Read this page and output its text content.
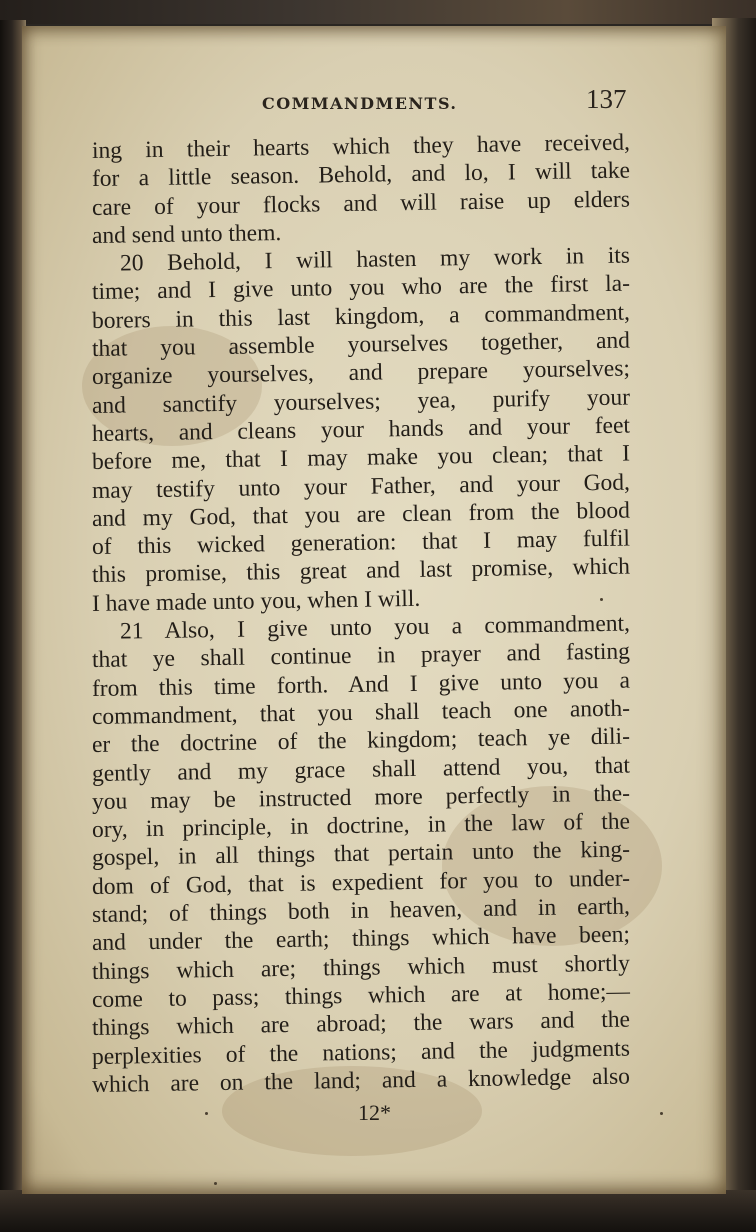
COMMANDMENTS.	137
ing in their hearts which they have received,
for a little season. Behold, and lo, I will take
care of your flocks and will raise up elders
and send unto them.
20 Behold, I will hasten my work in its
time; and I give unto you who are the first la-
borers in this last kingdom, a commandment,
that you assemble yourselves together, and
organize yourselves, and prepare yourselves;
and sanctify yourselves; yea, purify your
hearts, and cleans your hands and your feet
before me, that I may make you clean; that I
may testify unto your Father, and your God,
and my God, that you are clean from the blood
of this wicked generation: that I may fulfil
this promise, this great and last promise, which
I have made unto you, when I will.
21 Also, I give unto you a commandment,
that ye shall continue in prayer and fasting
from this time forth. And I give unto you a
commandment, that you shall teach one anoth-
er the doctrine of the kingdom; teach ye dili-
gently and my grace shall attend you, that
you may be instructed more perfectly in the-
ory, in principle, in doctrine, in the law of the
gospel, in all things that pertain unto the king-
dom of God, that is expedient for you to under-
stand; of things both in heaven, and in earth,
and under the earth; things which have been;
things which are; things which must shortly
come to pass; things which are at home;—
things which are abroad; the wars and the
perplexities of the nations; and the judgments
which are on the land; and a knowledge also
12*
